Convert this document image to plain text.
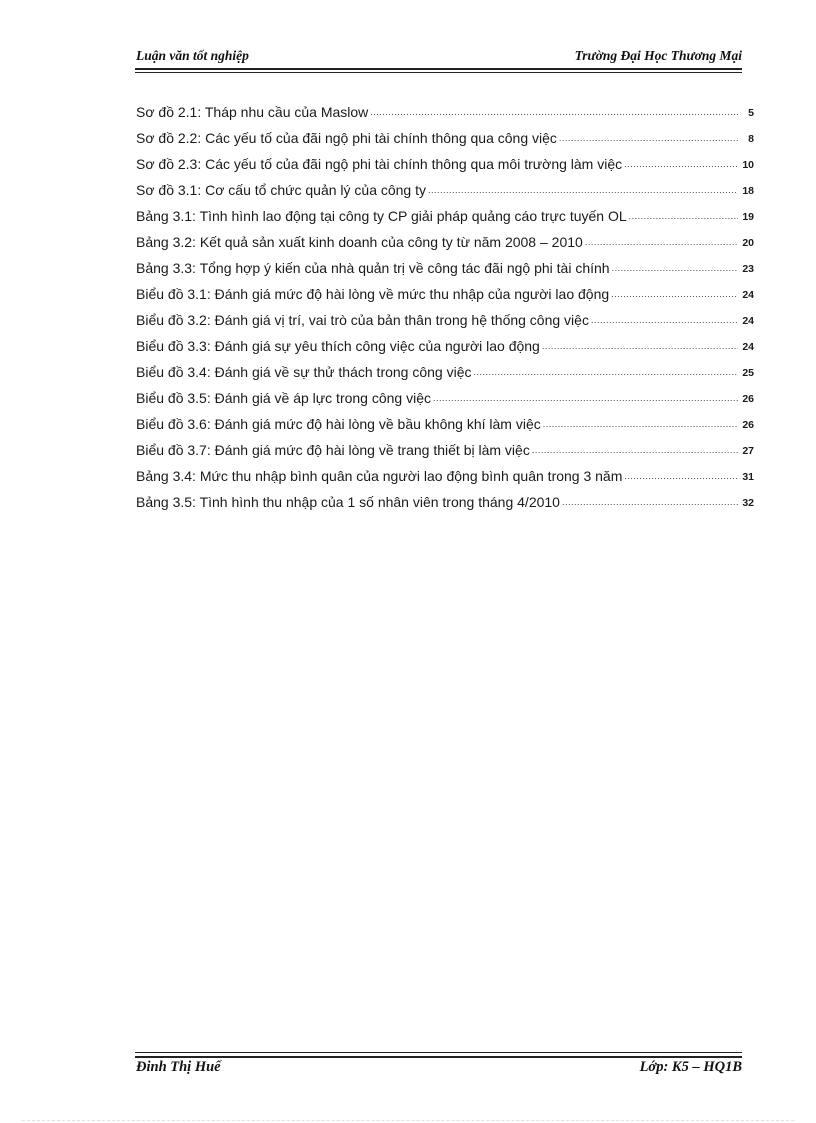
Luận văn tốt nghiệp	Trường Đại Học Thương Mại
Sơ đồ 2.1: Tháp nhu cầu của Maslow .....	5
Sơ đồ 2.2: Các yếu tố của đãi ngộ phi tài chính thông qua công việc .....	8
Sơ đồ 2.3: Các yếu tố của đãi ngộ phi tài chính thông qua môi trường làm việc .....	10
Sơ đồ 3.1: Cơ cấu tổ chức quản lý của công ty .....	18
Bảng 3.1: Tình hình lao động tại công ty CP giải pháp quảng cáo trực tuyến OL .....	19
Bảng 3.2: Kết quả sản xuất kinh doanh của công ty từ năm 2008 – 2010 .....	20
Bảng 3.3: Tổng hợp ý kiến của nhà quản trị về công tác đãi ngộ phi tài chính .....	23
Biểu đồ 3.1: Đánh giá mức độ hài lòng về mức thu nhập của người lao động .....	24
Biểu đồ 3.2: Đánh giá vị trí, vai trò của bản thân trong hệ thống công việc .....	24
Biểu đồ 3.3: Đánh giá sự yêu thích công việc của người lao động .....	24
Biểu đồ 3.4: Đánh giá về sự thử thách trong công việc .....	25
Biểu đồ 3.5: Đánh giá về áp lực trong công việc .....	26
Biểu đồ 3.6: Đánh giá mức độ hài lòng về bầu không khí làm việc .....	26
Biểu đồ 3.7: Đánh giá mức độ hài lòng về trang thiết bị làm việc .....	27
Bảng 3.4: Mức thu nhập bình quân của người lao động bình quân trong 3 năm .....	31
Bảng 3.5: Tình hình thu nhập của 1 số nhân viên trong tháng 4/2010 .....	32
Đinh Thị Huế	Lớp: K5 – HQ1B
